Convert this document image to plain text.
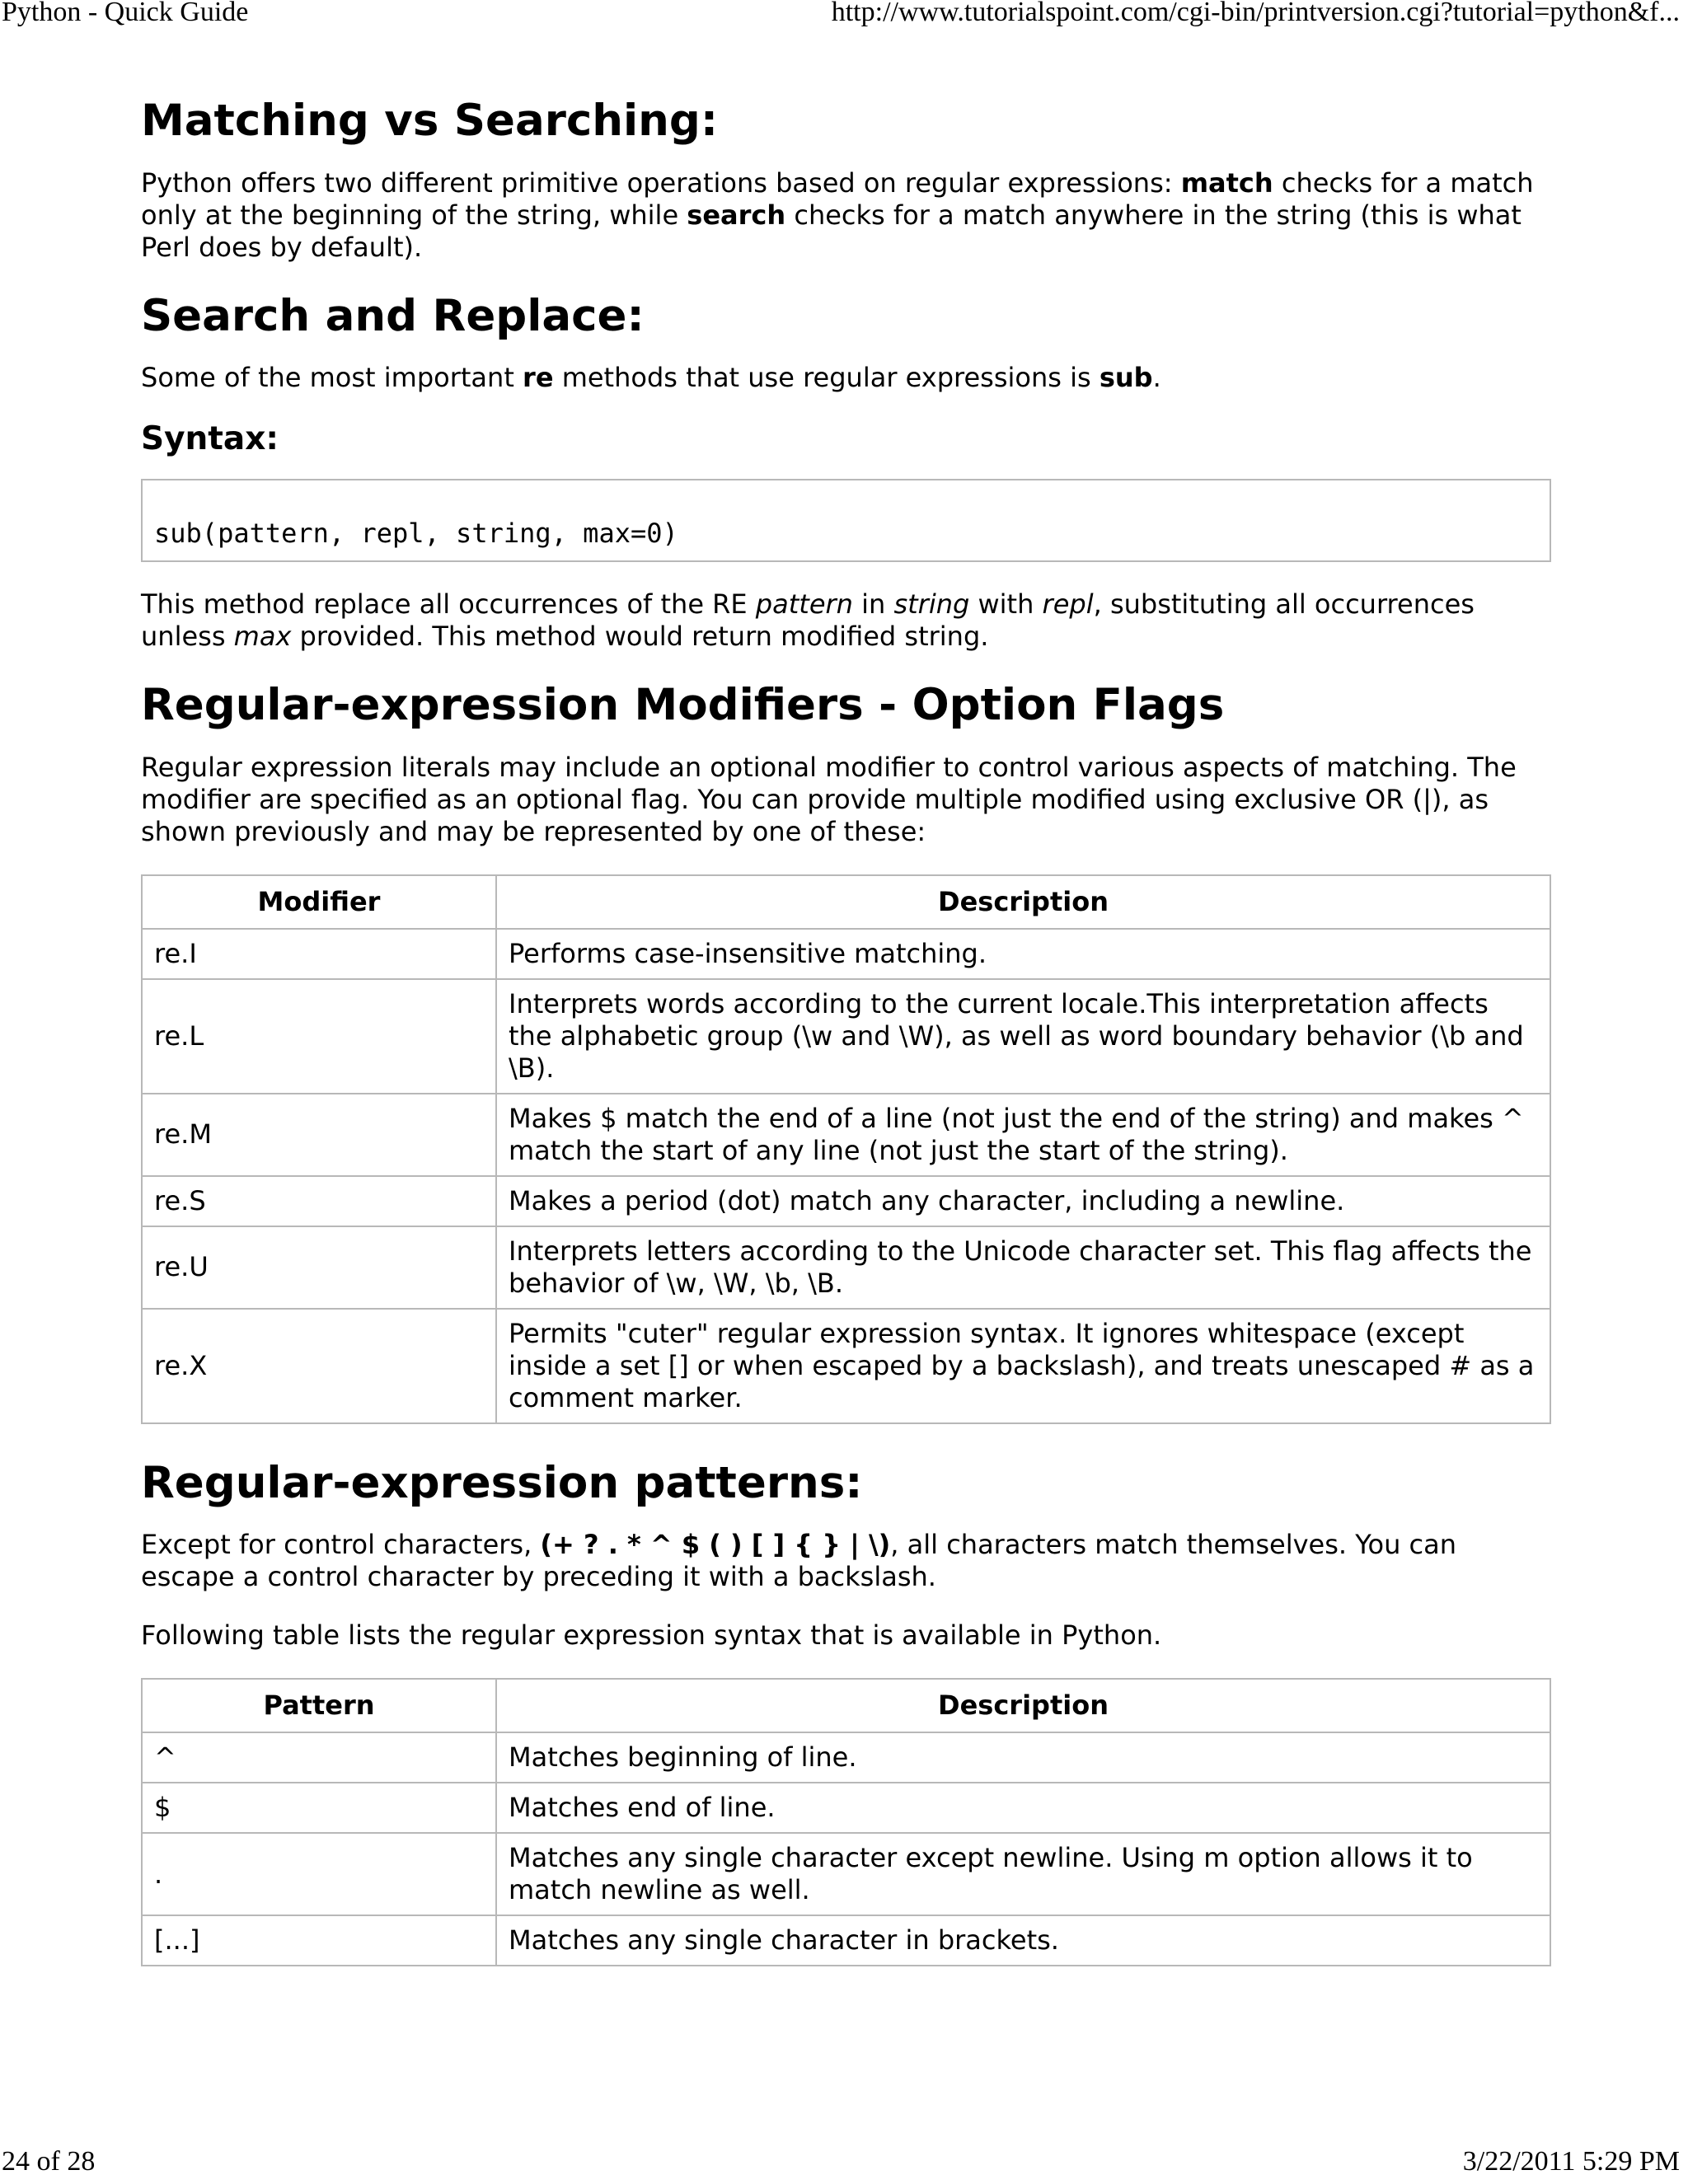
Python - Quick Guide	http://www.tutorialspoint.com/cgi-bin/printversion.cgi?tutorial=python&f...
Matching vs Searching:

Python offers two different primitive operations based on regular expressions: match checks for a match only at the beginning of the string, while search checks for a match anywhere in the string (this is what Perl does by default).

Search and Replace:

Some of the most important re methods that use regular expressions is sub.

Syntax:
sub(pattern, repl, string, max=0)

This method replace all occurrences of the RE pattern in string with repl, substituting all occurrences unless max provided. This method would return modified string.

Regular-expression Modifiers - Option Flags

Regular expression literals may include an optional modifier to control various aspects of matching. The modifier are specified as an optional flag. You can provide multiple modified using exclusive OR (|), as shown previously and may be represented by one of these:

Modifier	Description
re.I	Performs case-insensitive matching.
re.L	Interprets words according to the current locale.This interpretation affects the alphabetic group (\w and \W), as well as word boundary behavior (\b and \B).
re.M	Makes $ match the end of a line (not just the end of the string) and makes ^ match the start of any line (not just the start of the string).
re.S	Makes a period (dot) match any character, including a newline.
re.U	Interprets letters according to the Unicode character set. This flag affects the behavior of \w, \W, \b, \B.
re.X	Permits "cuter" regular expression syntax. It ignores whitespace (except inside a set [] or when escaped by a backslash), and treats unescaped # as a comment marker.
Regular-expression patterns:

Except for control characters, (+ ? . * ^ $ ( ) [ ] { } | \), all characters match themselves. You can escape a control character by preceding it with a backslash.

Following table lists the regular expression syntax that is available in Python.

Pattern	Description
^	Matches beginning of line.
$	Matches end of line.
.	Matches any single character except newline. Using m option allows it to match newline as well.
[...]	Matches any single character in brackets.
24 of 28	3/22/2011 5:29 PM
